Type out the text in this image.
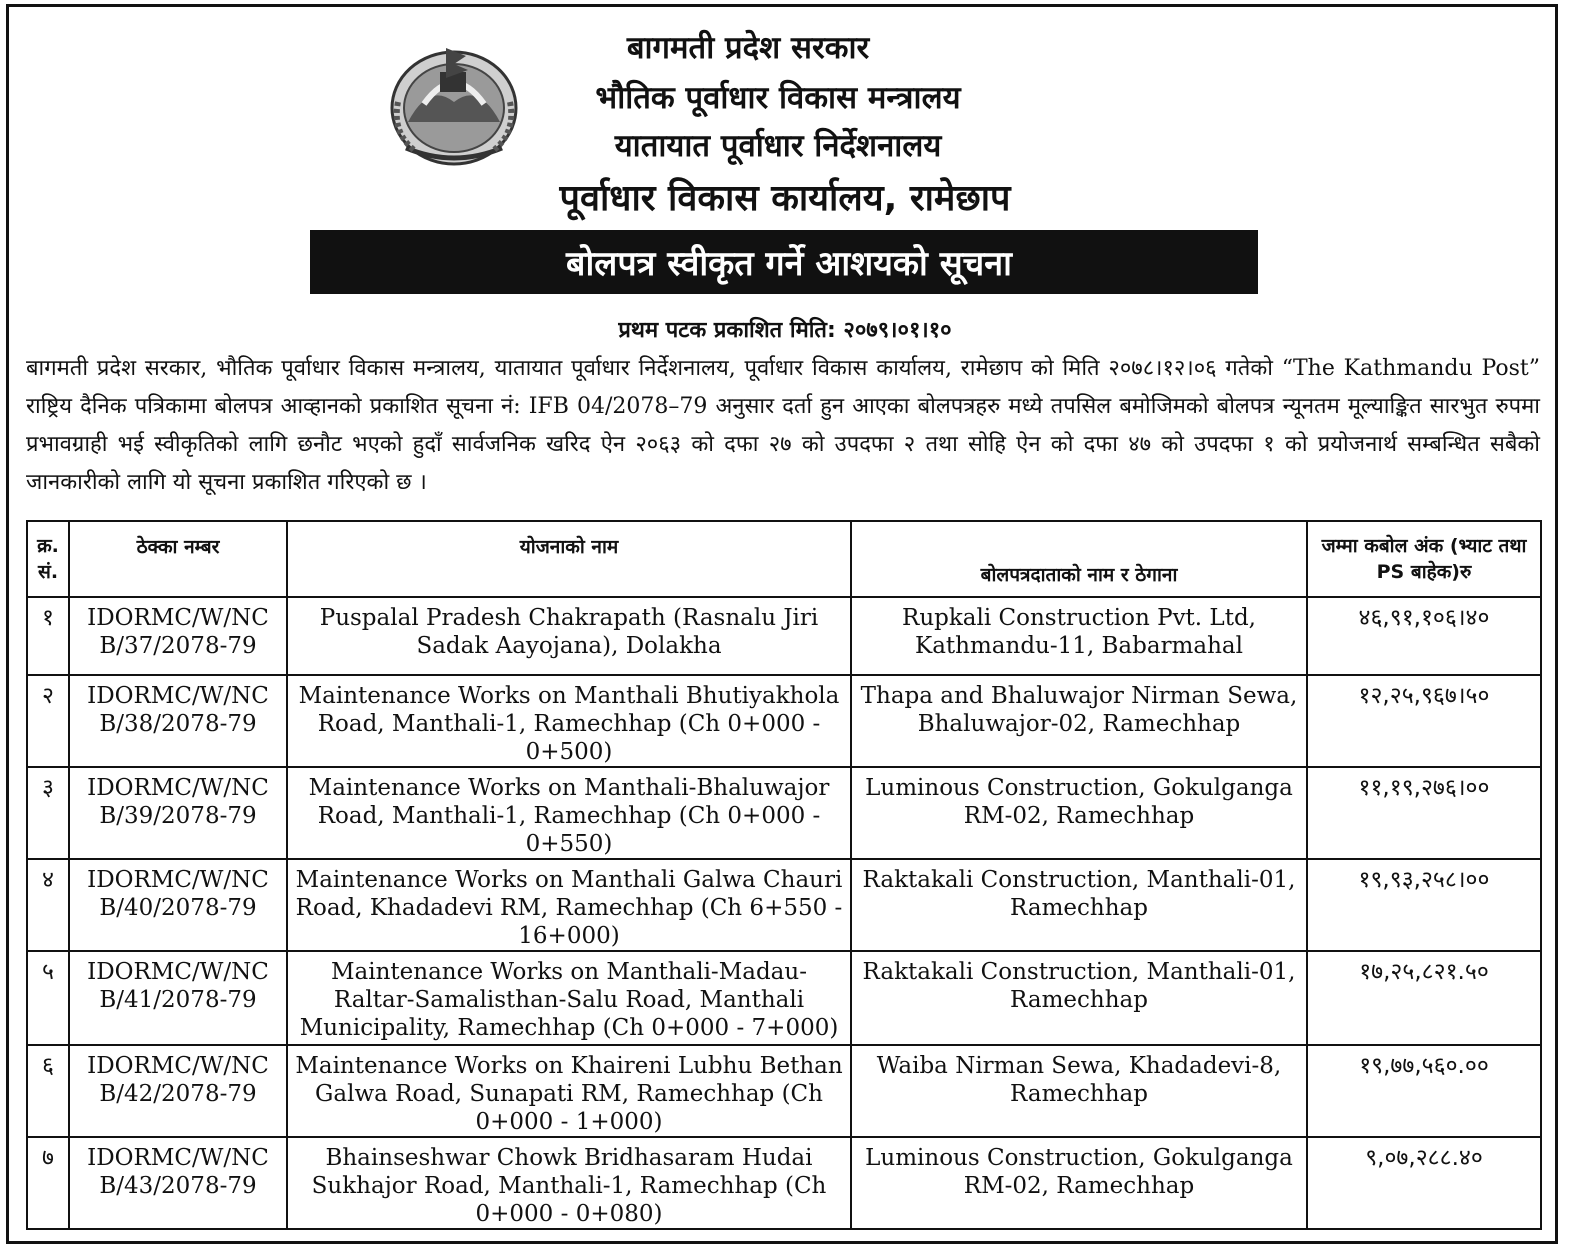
बागमती प्रदेश सरकार
भौतिक पूर्वाधार विकास मन्त्रालय
यातायात पूर्वाधार निर्देशनालय
पूर्वाधार विकास कार्यालय, रामेछाप
बोलपत्र स्वीकृत गर्ने आशयको सूचना
प्रथम पटक प्रकाशित मिति: २०७९।०१।१०
बागमती प्रदेश सरकार, भौतिक पूर्वाधार विकास मन्त्रालय, यातायात पूर्वाधार निर्देशनालय, पूर्वाधार विकास कार्यालय, रामेछाप को मिति २०७८।१२।०६ गतेको “The Kathmandu Post” राष्ट्रिय दैनिक पत्रिकामा बोलपत्र आव्हानको प्रकाशित सूचना नं: IFB 04/2078–79 अनुसार दर्ता हुन आएका बोलपत्रहरु मध्ये तपसिल बमोजिमको बोलपत्र न्यूनतम मूल्याङ्कित सारभुत रुपमा प्रभावग्राही भई स्वीकृतिको लागि छनौट भएको हुदाँ सार्वजनिक खरिद ऐन २०६३ को दफा २७ को उपदफा २ तथा सोहि ऐन को दफा ४७ को उपदफा १ को प्रयोजनार्थ सम्बन्धित सबैको जानकारीको लागि यो सूचना प्रकाशित गरिएको छ ।
क्र. सं.	ठेक्का नम्बर	योजनाको नाम	बोलपत्रदाताको नाम र ठेगाना	जम्मा कबोल अंक (भ्याट तथा PS बाहेक)रु
१	IDORMC/W/NC B/37/2078-79	Puspalal Pradesh Chakrapath (Rasnalu Jiri Sadak Aayojana), Dolakha	Rupkali Construction Pvt. Ltd, Kathmandu-11, Babarmahal	४६,९१,१०६।४०
२	IDORMC/W/NC B/38/2078-79	Maintenance Works on Manthali Bhutiyakhola Road, Manthali-1, Ramechhap (Ch 0+000 - 0+500)	Thapa and Bhaluwajor Nirman Sewa, Bhaluwajor-02, Ramechhap	१२,२५,९६७।५०
३	IDORMC/W/NC B/39/2078-79	Maintenance Works on Manthali-Bhaluwajor Road, Manthali-1, Ramechhap (Ch 0+000 - 0+550)	Luminous Construction, Gokulganga RM-02, Ramechhap	११,१९,२७६।००
४	IDORMC/W/NC B/40/2078-79	Maintenance Works on Manthali Galwa Chauri Road, Khadadevi RM, Ramechhap (Ch 6+550 - 16+000)	Raktakali Construction, Manthali-01, Ramechhap	१९,९३,२५८।००
५	IDORMC/W/NC B/41/2078-79	Maintenance Works on Manthali-Madau-Raltar-Samalisthan-Salu Road, Manthali Municipality, Ramechhap (Ch 0+000 - 7+000)	Raktakali Construction, Manthali-01, Ramechhap	१७,२५,८२१.५०
६	IDORMC/W/NC B/42/2078-79	Maintenance Works on Khaireni Lubhu Bethan Galwa Road, Sunapati RM, Ramechhap (Ch 0+000 - 1+000)	Waiba Nirman Sewa, Khadadevi-8, Ramechhap	१९,७७,५६०.००
७	IDORMC/W/NC B/43/2078-79	Bhainseshwar Chowk Bridhasaram Hudai Sukhajor Road, Manthali-1, Ramechhap (Ch 0+000 - 0+080)	Luminous Construction, Gokulganga RM-02, Ramechhap	९,०७,२८८.४०
